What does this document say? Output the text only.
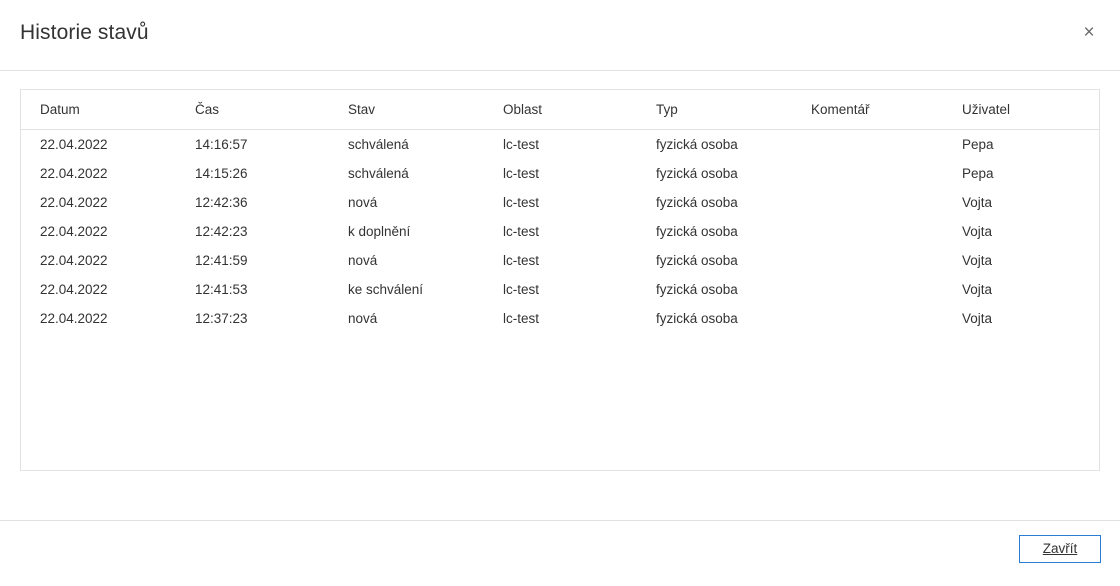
Historie stavů	×
Datum	Čas	Stav	Oblast	Typ	Komentář	Uživatel
22.04.2022	14:16:57	schválená	lc-test	fyzická osoba		Pepa
22.04.2022	14:15:26	schválená	lc-test	fyzická osoba		Pepa
22.04.2022	12:42:36	nová	lc-test	fyzická osoba		Vojta
22.04.2022	12:42:23	k doplnění	lc-test	fyzická osoba		Vojta
22.04.2022	12:41:59	nová	lc-test	fyzická osoba		Vojta
22.04.2022	12:41:53	ke schválení	lc-test	fyzická osoba		Vojta
22.04.2022	12:37:23	nová	lc-test	fyzická osoba		Vojta
Zavřít
